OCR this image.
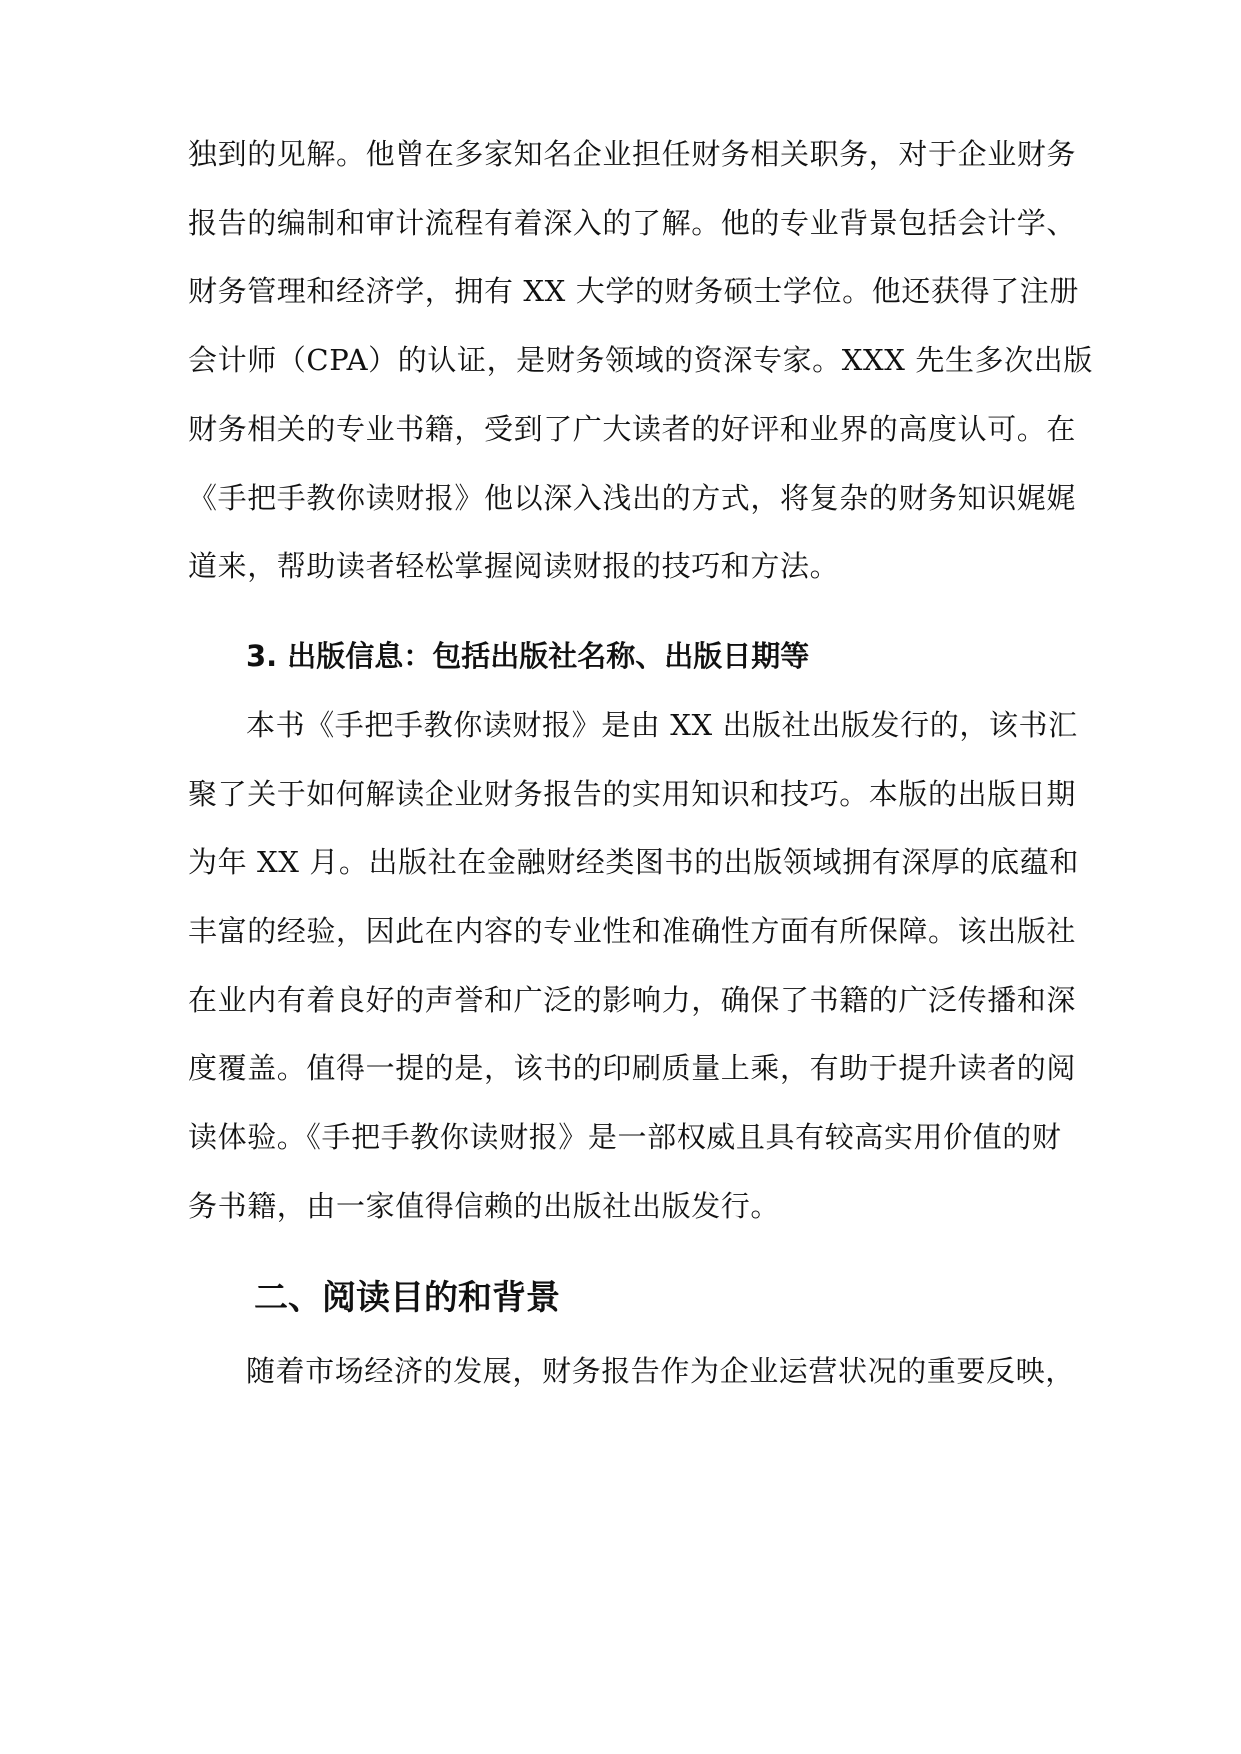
独到的见解。他曾在多家知名企业担任财务相关职务，对于企业财务
报告的编制和审计流程有着深入的了解。他的专业背景包括会计学、
财务管理和经济学，拥有 XX 大学的财务硕士学位。他还获得了注册
会计师（CPA）的认证，是财务领域的资深专家。XXX 先生多次出版
财务相关的专业书籍，受到了广大读者的好评和业界的高度认可。在
《手把手教你读财报》他以深入浅出的方式，将复杂的财务知识娓娓
道来，帮助读者轻松掌握阅读财报的技巧和方法。
3. 出版信息：包括出版社名称、出版日期等
本书《手把手教你读财报》是由 XX 出版社出版发行的，该书汇
聚了关于如何解读企业财务报告的实用知识和技巧。本版的出版日期
为年 XX 月。出版社在金融财经类图书的出版领域拥有深厚的底蕴和
丰富的经验，因此在内容的专业性和准确性方面有所保障。该出版社
在业内有着良好的声誉和广泛的影响力，确保了书籍的广泛传播和深
度覆盖。值得一提的是，该书的印刷质量上乘，有助于提升读者的阅
读体验。《手把手教你读财报》是一部权威且具有较高实用价值的财
务书籍，由一家值得信赖的出版社出版发行。
二、阅读目的和背景
随着市场经济的发展，财务报告作为企业运营状况的重要反映，
